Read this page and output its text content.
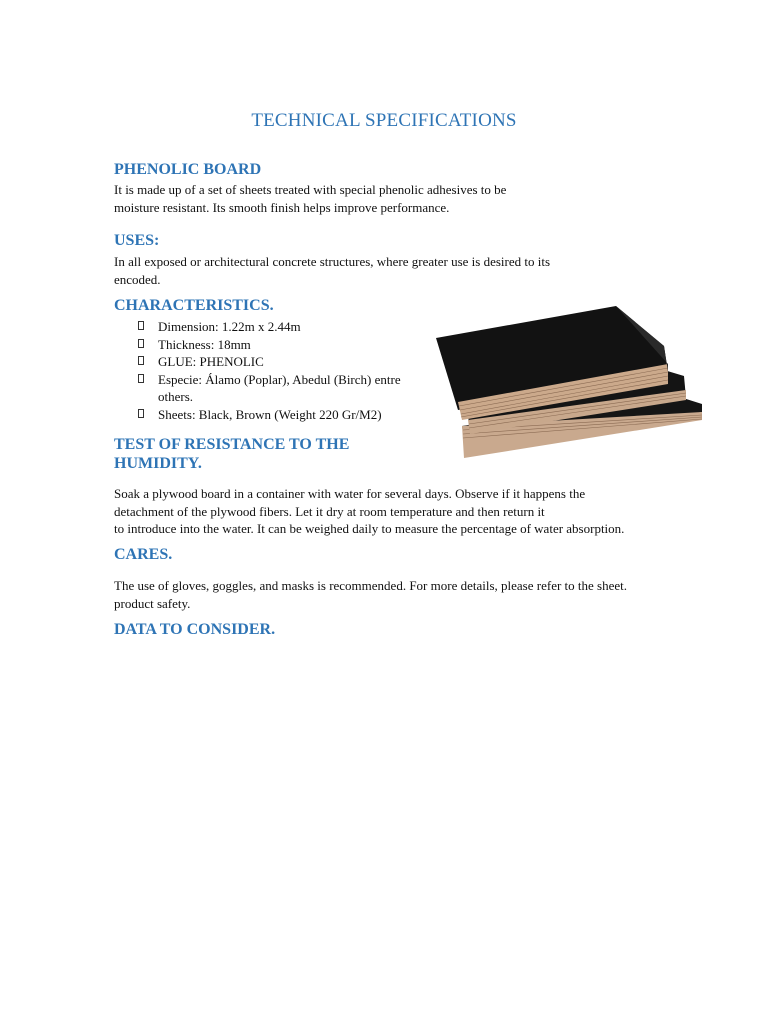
TECHNICAL SPECIFICATIONS
PHENOLIC BOARD
It is made up of a set of sheets treated with special phenolic adhesives to be
moisture resistant. Its smooth finish helps improve performance.
USES:
In all exposed or architectural concrete structures, where greater use is desired to its
encoded.
CHARACTERISTICS.
Dimension: 1.22m x 2.44m
Thickness: 18mm
GLUE: PHENOLIC
Especie: Álamo (Poplar), Abedul (Birch) entre
others.
Sheets: Black, Brown (Weight 220 Gr/M2)
TEST OF RESISTANCE TO THE
HUMIDITY.
Soak a plywood board in a container with water for several days. Observe if it happens the
detachment of the plywood fibers. Let it dry at room temperature and then return it
to introduce into the water. It can be weighed daily to measure the percentage of water absorption.
CARES.
The use of gloves, goggles, and masks is recommended. For more details, please refer to the sheet.
product safety.
DATA TO CONSIDER.
